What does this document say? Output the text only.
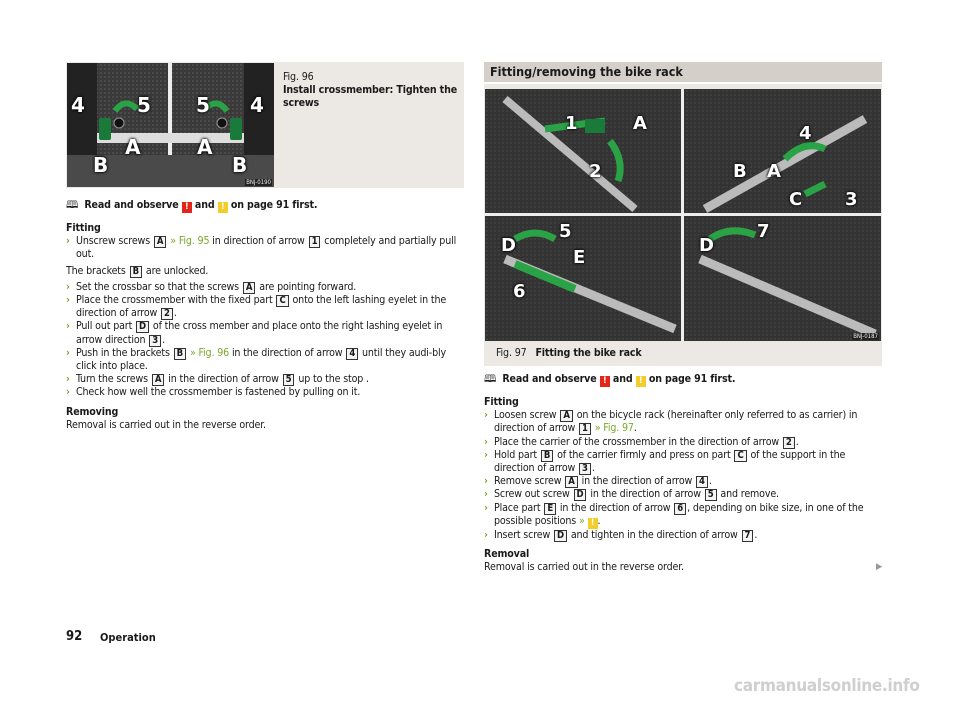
4	5 5 4
A	A
B	B
BNJ-0190
Fig. 96
Install crossmember: Tighten the screws
🕮 Read and observe ! and ! on page 91 first.
Fitting
› Unscrew screws A » Fig. 95 in direction of arrow 1 completely and partially pull out.
The brackets B are unlocked.
› Set the crossbar so that the screws A are pointing forward.
› Place the crossmember with the fixed part C onto the left lashing eyelet in the direction of arrow 2 .
› Pull out part D of the cross member and place onto the right lashing eyelet in arrow direction 3 .
› Push in the brackets B » Fig. 96 in the direction of arrow 4 until they audi-bly click into place.
› Turn the screws A in the direction of arrow 5 up to the stop .
› Check how well the crossmember is fastened by pulling on it.
Removing
Removal is carried out in the reverse order.
Fitting/removing the bike rack
1	A
2
4
B A
C 3
5
D
E
6
7
D
BNJ-0187
Fig. 97 Fitting the bike rack
🕮 Read and observe ! and ! on page 91 first.
Fitting
› Loosen screw A on the bicycle rack (hereinafter only referred to as carrier) in direction of arrow 1 » Fig. 97.
› Place the carrier of the crossmember in the direction of arrow 2 .
› Hold part B of the carrier firmly and press on part C of the support in the direction of arrow 3 .
› Remove screw A in the direction of arrow 4 .
› Screw out screw D in the direction of arrow 5 and remove.
› Place part E in the direction of arrow 6 , depending on bike size, in one of the possible positions » ! .
› Insert screw D and tighten in the direction of arrow 7 .
Removal
Removal is carried out in the reverse order.	▶
92 Operation
carmanualsonline.info
